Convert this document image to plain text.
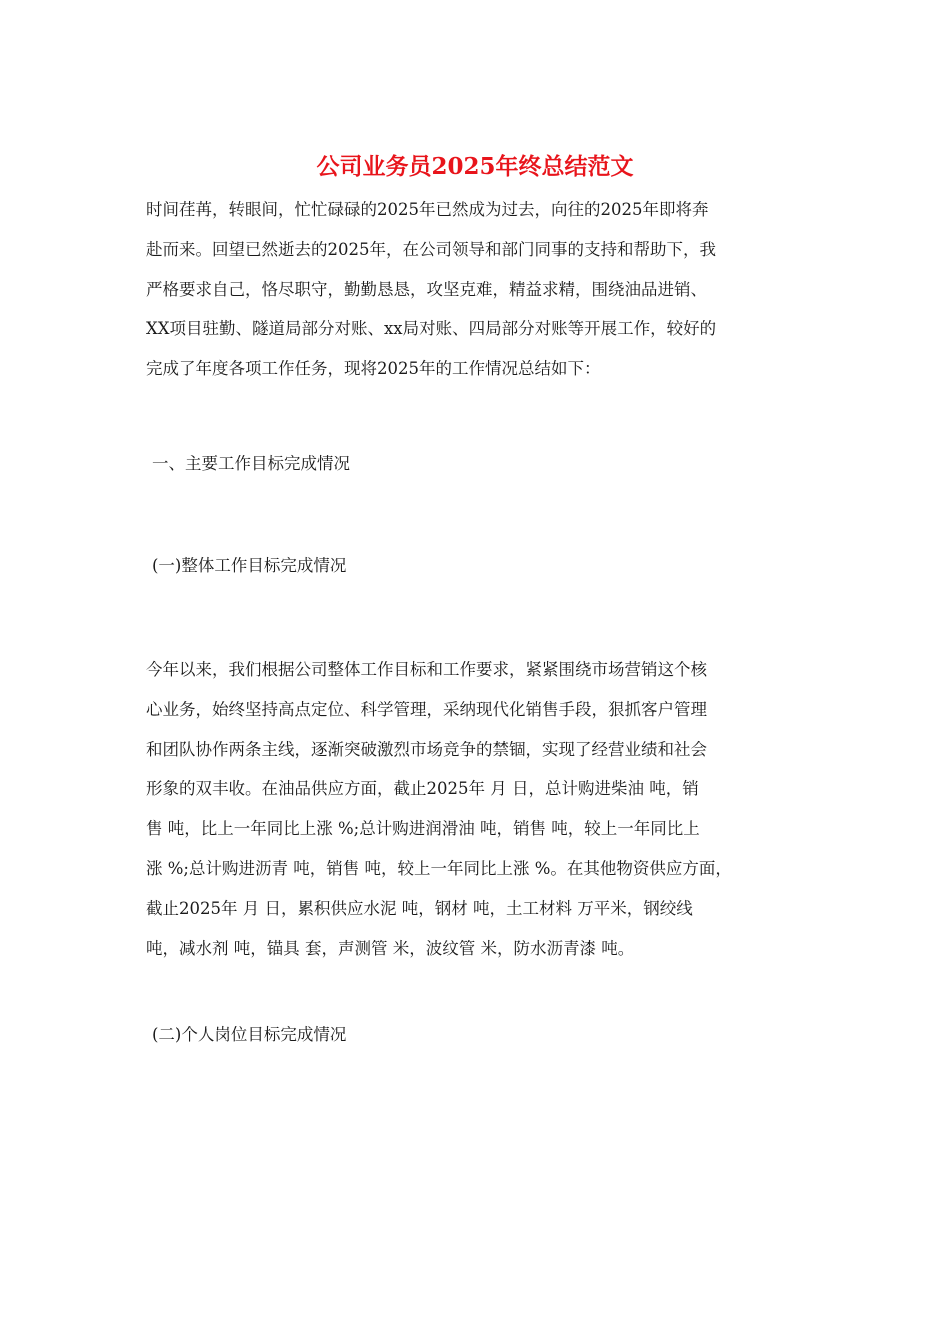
公司业务员2025年终总结范文
时间荏苒，转眼间，忙忙碌碌的2025年已然成为过去，向往的2025年即将奔
赴而来。回望已然逝去的2025年，在公司领导和部门同事的支持和帮助下，我
严格要求自己，恪尽职守，勤勤恳恳，攻坚克难，精益求精，围绕油品进销、
XX项目驻勤、隧道局部分对账、xx局对账、四局部分对账等开展工作，较好的
完成了年度各项工作任务，现将2025年的工作情况总结如下：
一、主要工作目标完成情况
(一)整体工作目标完成情况
今年以来，我们根据公司整体工作目标和工作要求，紧紧围绕市场营销这个核
心业务，始终坚持高点定位、科学管理，采纳现代化销售手段，狠抓客户管理
和团队协作两条主线，逐渐突破激烈市场竞争的禁锢，实现了经营业绩和社会
形象的双丰收。在油品供应方面，截止2025年 月 日，总计购进柴油 吨，销
售 吨，比上一年同比上涨 %;总计购进润滑油 吨，销售 吨，较上一年同比上
涨 %;总计购进沥青 吨，销售 吨，较上一年同比上涨 %。在其他物资供应方面，
截止2025年 月 日，累积供应水泥 吨，钢材 吨，土工材料 万平米，钢绞线
吨，减水剂 吨，锚具 套，声测管 米，波纹管 米，防水沥青漆 吨。
(二)个人岗位目标完成情况
